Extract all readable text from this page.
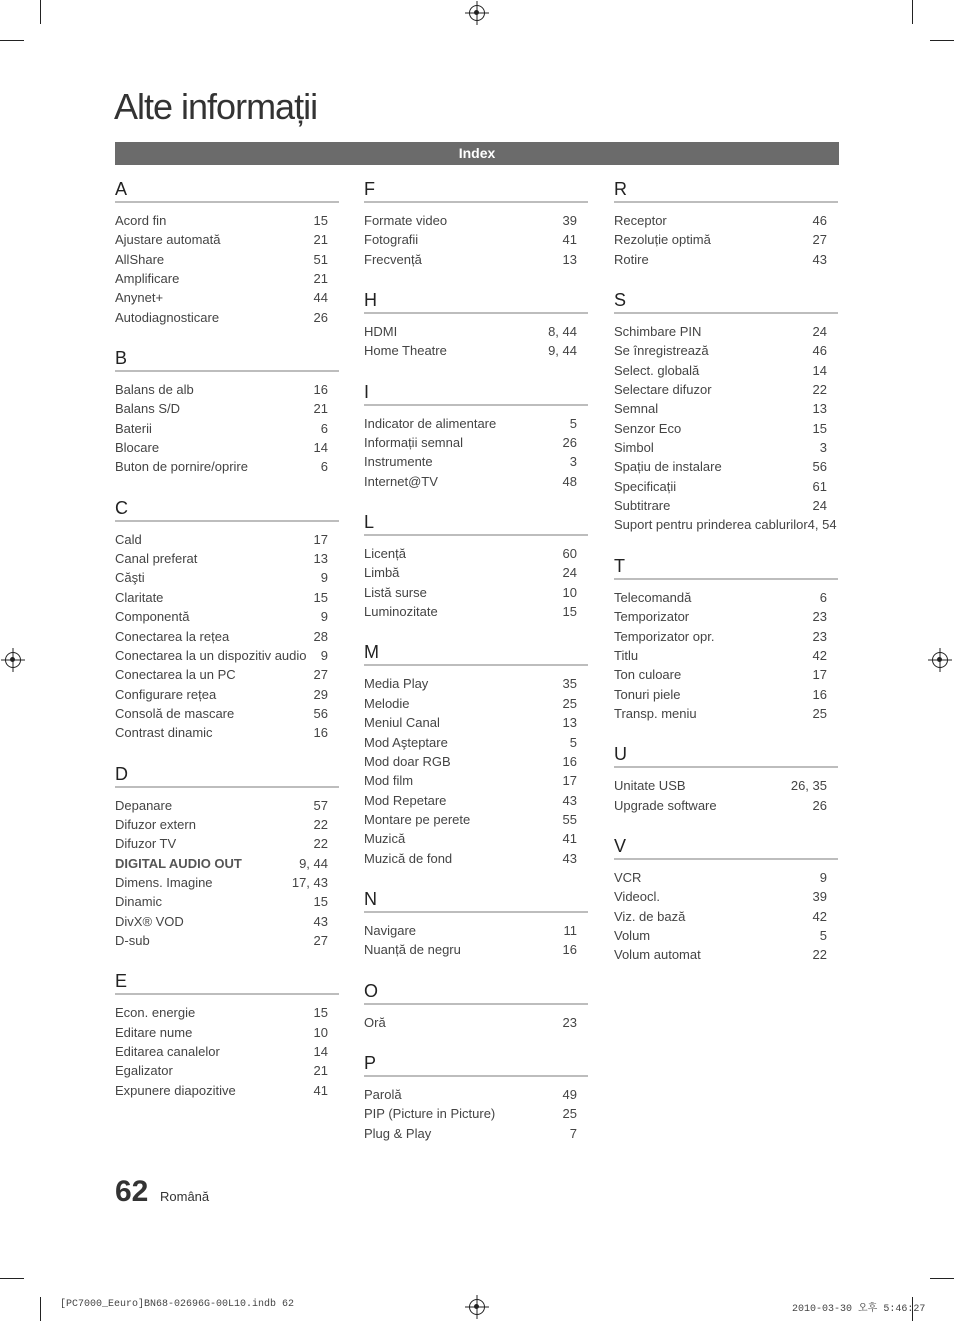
Alte informații
Index
A
Acord fin	15
Ajustare automată	21
AllShare	51
Amplificare	21
Anynet+	44
Autodiagnosticare	26
B
Balans de alb	16
Balans S/D	21
Baterii	6
Blocare	14
Buton de pornire/oprire	6
C
Cald	17
Canal preferat	13
Căşti	9
Claritate	15
Componentă	9
Conectarea la rețea	28
Conectarea la un dispozitiv audio 9
Conectarea la un PC	27
Configurare rețea	29
Consolă de mascare	56
Contrast dinamic	16
D
Depanare	57
Difuzor extern	22
Difuzor TV	22
DIGITAL AUDIO OUT	9, 44
Dimens. Imagine	17, 43
Dinamic	15
DivX® VOD	43
D-sub	27
E
Econ. energie	15
Editare nume	10
Editarea canalelor	14
Egalizator	21
Expunere diapozitive	41
F
Formate video	39
Fotografii	41
Frecvență	13
H
HDMI	8, 44
Home Theatre	9, 44
I
Indicator de alimentare	5
Informații semnal	26
Instrumente	3
Internet@TV	48
L
Licență	60
Limbă	24
Listă surse	10
Luminozitate	15
M
Media Play	35
Melodie	25
Meniul Canal	13
Mod Aşteptare	5
Mod doar RGB	16
Mod film	17
Mod Repetare	43
Montare pe perete	55
Muzică	41
Muzică de fond	43
N
Navigare	11
Nuanță de negru	16
O
Oră	23
P
Parolă	49
PIP (Picture in Picture)	25
Plug & Play	7
R
Receptor	46
Rezoluție optimă	27
Rotire	43
S
Schimbare PIN	24
Se înregistrează	46
Select. globală	14
Selectare difuzor	22
Semnal	13
Senzor Eco	15
Simbol	3
Spațiu de instalare	56
Specificații	61
Subtitrare	24
Suport pentru prinderea cablurilor 4, 54
T
Telecomandă	6
Temporizator	23
Temporizator opr.	23
Titlu	42
Ton culoare	17
Tonuri piele	16
Transp. meniu	25
U
Unitate USB	26, 35
Upgrade software	26
V
VCR	9
Videocl.	39
Viz. de bază	42
Volum	5
Volum automat	22
62 Română
[PC7000_Eeuro]BN68-02696G-00L10.indb 62	2010-03-30 오후 5:46:27
